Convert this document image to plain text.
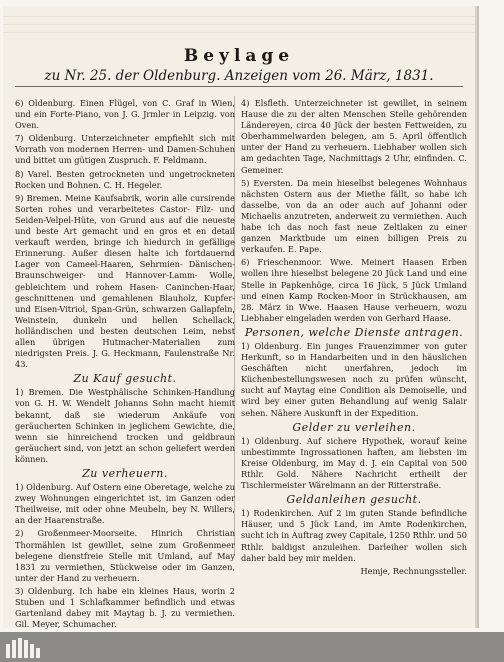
Beylage
zu Nr. 25. der Oldenburg. Anzeigen vom 26. März, 1831.

6) Oldenburg. Einen Flügel, von C. Graf in Wien, und ein Forte-Piano, von J. G. Jrmler in Leipzig. von Oven.

7) Oldenburg. Unterzeichneter empfiehlt sich mit Vorrath von modernen Herren- und Damen-Schuhen und bittet um gütigen Zuspruch. F. Feldmann.

8) Varel. Besten getrockneten und ungetrockneten Rocken und Bohnen. C. H. Hegeler.

9) Bremen. Meine Kaufsabrik, worin alle cursirende Sorten rohes und verarbeitetes Castor- Filz- und Seiden-Velpel-Hüte, von Grund aus auf die neueste und beste Art gemacht und en gros et en detail verkauft werden, bringe ich hiedurch in gefällige Erinnerung. Außer diesen halte ich fortdauernd Lager von Cameel-Haaren, Sehrmien- Dänischen- Braunschweiger- und Hannover-Lamm- Wolle, gebleichtem und rohem Hasen- Caninchen-Haar, geschnittenen und gemahlenen Blauholz, Kupfer- und Eisen-Vitriol, Span-Grün, schwarzen Gallapfeln, Weinstein, dunkeln und hellen Schellack, holländischen und besten deutschen Leim, nebst allen übrigen Hutmacher-Materialien zum niedrigsten Preis. J. G. Heckmann, Faulenstraße Nr. 43.

Zu Kauf gesucht.

1) Bremen. Die Westphälische Schinken-Handlung von G. H. W. Wendelt Johanns Sohn macht hiemit bekannt, daß sie wiederum Ankäufe von geräucherten Schinken in jeglichem Gewichte, die, wenn sie hinreichend trocken und geldbraun geräuchert sind, von jetzt an schon geliefert werden können.

Zu verheuern.

1) Oldenburg. Auf Ostern eine Oberetage, welche zu zwey Wohnungen eingerichtet ist, im Ganzen oder Theilweise, mit oder ohne Meubeln, bey N. Willers, an der Haarenstraße.

2) Großenmeer-Moorseite. Hinrich Christian Thormählen ist gewillet, seine zum Großenmeer belegene dienstfreie Stelle mit Umland, auf May 1831 zu vermiethen, Stückweise oder im Ganzen, unter der Hand zu verheuern.

3) Oldenburg. Ich habe ein kleines Haus, worin 2 Stuben und 1 Schlafkammer befindlich und etwas Gartenland dabey mit Maytag b. J. zu vermiethen. Gil. Meyer, Schumacher.

4) Elsfleth. Unterzeichneter ist gewillet, in seinem Hause die zu der alten Menschen Stelle gehörenden Ländereyen, circa 40 Jück der besten Fettweiden, zu Oberhammelwarden belegen, am 5. April öffentlich unter der Hand zu verheuern. Liebhaber wollen sich am gedachten Tage, Nachmittags 2 Uhr, einfinden. C. Gemeiner.

5) Eversten. Da mein hieselbst belegenes Wohnhaus nächsten Ostern aus der Miethe fällt, so habe ich dasselbe, von da an oder auch auf Johanni oder Michaelis anzutreten, anderweit zu vermiethen. Auch habe ich das noch fast neue Zeltlaken zu einer ganzen Marktbude um einen billigen Preis zu verkaufen. E. Pape.

6) Frieschenmoor. Wwe. Meinert Haasen Erben wollen ihre hieselbst belegene 20 Jück Land und eine Stelle in Papkenhöge, circa 16 Jück, 5 Jück Umland und einen Kamp Rocken-Moor in Strückhausen, am 28. März in Wwe. Haasen Hause verheuern, wozu Liebhaber eingeladen werden von Gerhard Haase.

Personen, welche Dienste antragen.

1) Oldenburg. Ein junges Frauenzimmer von guter Herkunft, so in Handarbeiten und in den häuslichen Geschäften nicht unerfahren, jedoch im Küchenbestellungswesen noch zu prüfen wünscht, sucht auf Maytag eine Condition als Demoiselle, und wird bey einer guten Behandlung auf wenig Salair sehen. Nähere Auskunft in der Expedition.

Gelder zu verleihen.

1) Oldenburg. Auf sichere Hypothek, worauf keine unbestimmte Ingrossationen haften, am liebsten im Kreise Oldenburg, im May d. J. ein Capital von 500 Rthlr. Gold. Nähere Nachricht ertheilt der Tischlermeister Wärelmann an der Ritterstraße.

Geldanleihen gesucht.

1) Rodenkirchen. Auf 2 im guten Stande befindliche Häuser, und 5 Jück Land, im Amte Rodenkirchen, sucht ich in Auftrag zwey Capitale, 1250 Rthlr. und 50 Rthlr. baldigst anzuleihen. Darleiher wollen sich daher bald bey mir melden.

Hemje, Rechnungssteller.
